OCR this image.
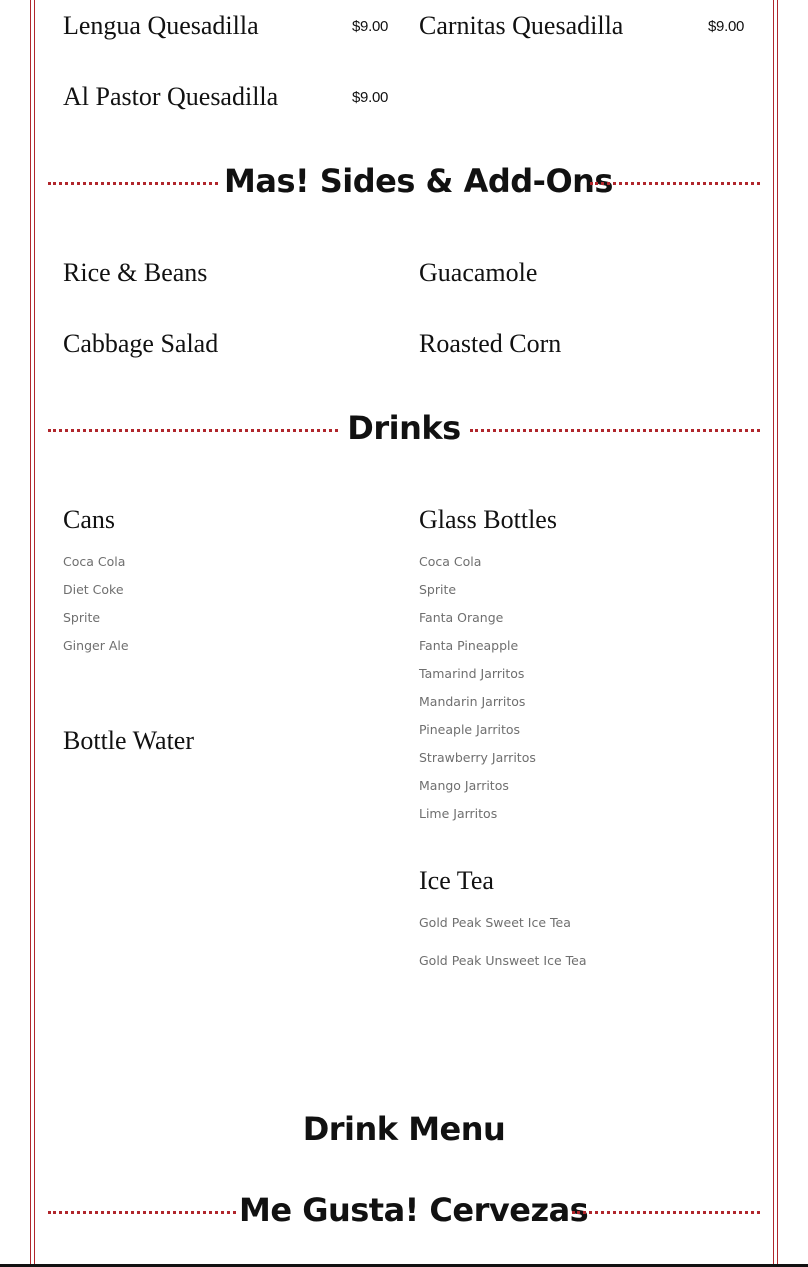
Lengua Quesadilla	$9.00 Carnitas Quesadilla	$9.00
Al Pastor Quesadilla	$9.00
Mas! Sides & Add-Ons
Rice & Beans	Guacamole
Cabbage Salad	Roasted Corn
Drinks
Cans
Coca Cola
Diet Coke
Sprite
Ginger Ale
Bottle Water
Glass Bottles
Coca Cola
Sprite
Fanta Orange
Fanta Pineapple
Tamarind Jarritos
Mandarin Jarritos
Pineaple Jarritos
Strawberry Jarritos
Mango Jarritos
Lime Jarritos
Ice Tea
Gold Peak Sweet Ice Tea
Gold Peak Unsweet Ice Tea
Drink Menu
Me Gusta! Cervezas
